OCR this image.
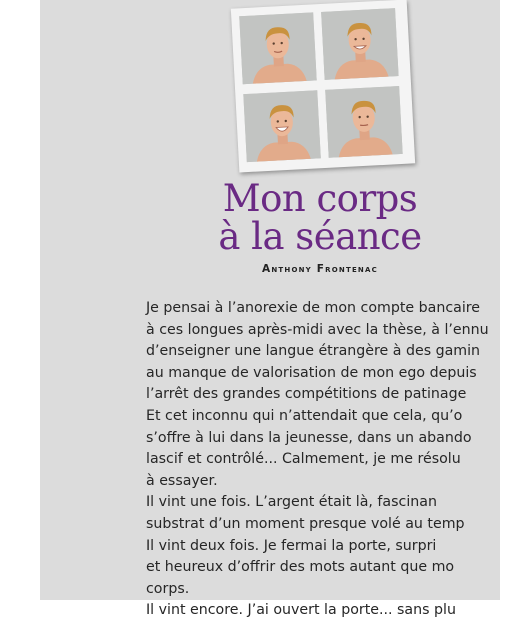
Mon corps
à la séance
Anthony Frontenac
Je pensai à l’anorexie de mon compte bancaire
à ces longues après-midi avec la thèse, à l’ennu
d’enseigner une langue étrangère à des gamin
au manque de valorisation de mon ego depuis
l’arrêt des grandes compétitions de patinage
Et cet inconnu qui n’attendait que cela, qu’o
s’offre à lui dans la jeunesse, dans un abando
lascif et contrôlé... Calmement, je me résolu
à essayer.
Il vint une fois. L’argent était là, fascinan
substrat d’un moment presque volé au temp
Il vint deux fois. Je fermai la porte, surpri
et heureux d’offrir des mots autant que mo
corps.
Il vint encore. J’ai ouvert la porte... sans plu
